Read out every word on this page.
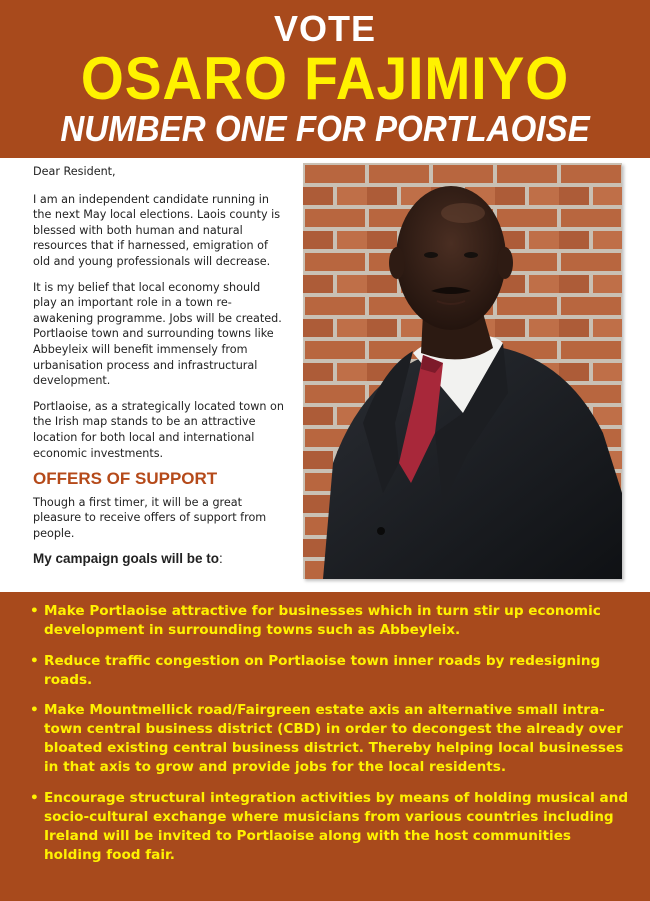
VOTE
OSARO FAJIMIYO
NUMBER ONE FOR PORTLAOISE

Dear Resident,

I am an independent candidate running in the next May local elections. Laois county is blessed with both human and natural resources that if harnessed, emigration of old and young professionals will decrease.

It is my belief that local economy should play an important role in a town re-awakening programme. Jobs will be created. Portlaoise town and surrounding towns like Abbeyleix will benefit immensely from urbanisation process and infrastructural development.

Portlaoise, as a strategically located town on the Irish map stands to be an attractive location for both local and international economic investments.

OFFERS OF SUPPORT

Though a first timer, it will be a great pleasure to receive offers of support from people.

My campaign goals will be to:
• Make Portlaoise attractive for businesses which in turn stir up economic development in surrounding towns such as Abbeyleix.
• Reduce traffic congestion on Portlaoise town inner roads by redesigning roads.
• Make Mountmellick road/Fairgreen estate axis an alternative small intra-town central business district (CBD) in order to decongest the already over bloated existing central business district. Thereby helping local businesses in that axis to grow and provide jobs for the local residents.
• Encourage structural integration activities by means of holding musical and socio-cultural exchange where musicians from various countries including Ireland will be invited to Portlaoise along with the host communities holding food fair.
